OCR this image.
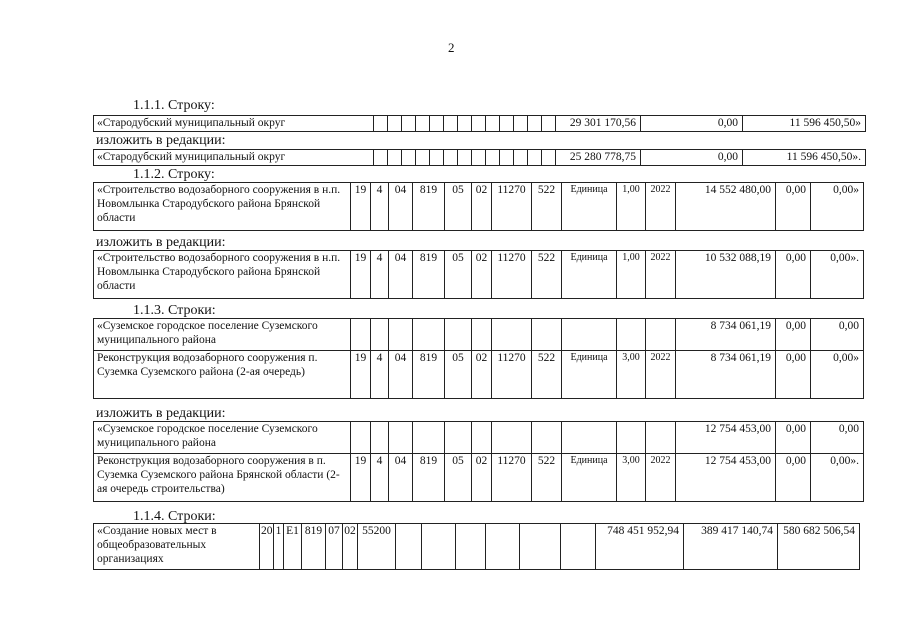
2
1.1.1. Строку:
«Стародубский муниципальный округ														29 301 170,56	0,00	11 596 450,50»
изложить в редакции:
«Стародубский муниципальный округ														25 280 778,75	0,00	11 596 450,50».
1.1.2. Строку:
«Строительство водозаборного сооружения в н.п. Новомлынка Стародубского района Брянской области	19	4	04	819	05	02	11270	522	Единица	1,00	2022	14 552 480,00	0,00	0,00»
изложить в редакции:
«Строительство водозаборного сооружения в н.п. Новомлынка Стародубского района Брянской области	19	4	04	819	05	02	11270	522	Единица	1,00	2022	10 532 088,19	0,00	0,00».
1.1.3. Строки:
«Суземское городское поселение Суземского муниципального района												8 734 061,19	0,00	0,00
Реконструкция водозаборного сооружения п. Суземка Суземского района (2-ая очередь)	19	4	04	819	05	02	11270	522	Единица	3,00	2022	8 734 061,19	0,00	0,00»
изложить в редакции:
«Суземское городское поселение Суземского муниципального района												12 754 453,00	0,00	0,00
Реконструкция водозаборного сооружения в п. Суземка Суземского района Брянской области (2-ая очередь строительства)	19	4	04	819	05	02	11270	522	Единица	3,00	2022	12 754 453,00	0,00	0,00».
1.1.4. Строки:
«Создание новых мест в общеобразовательных организациях	20	1	E1	819	07	02	55200							748 451 952,94	389 417 140,74	580 682 506,54
